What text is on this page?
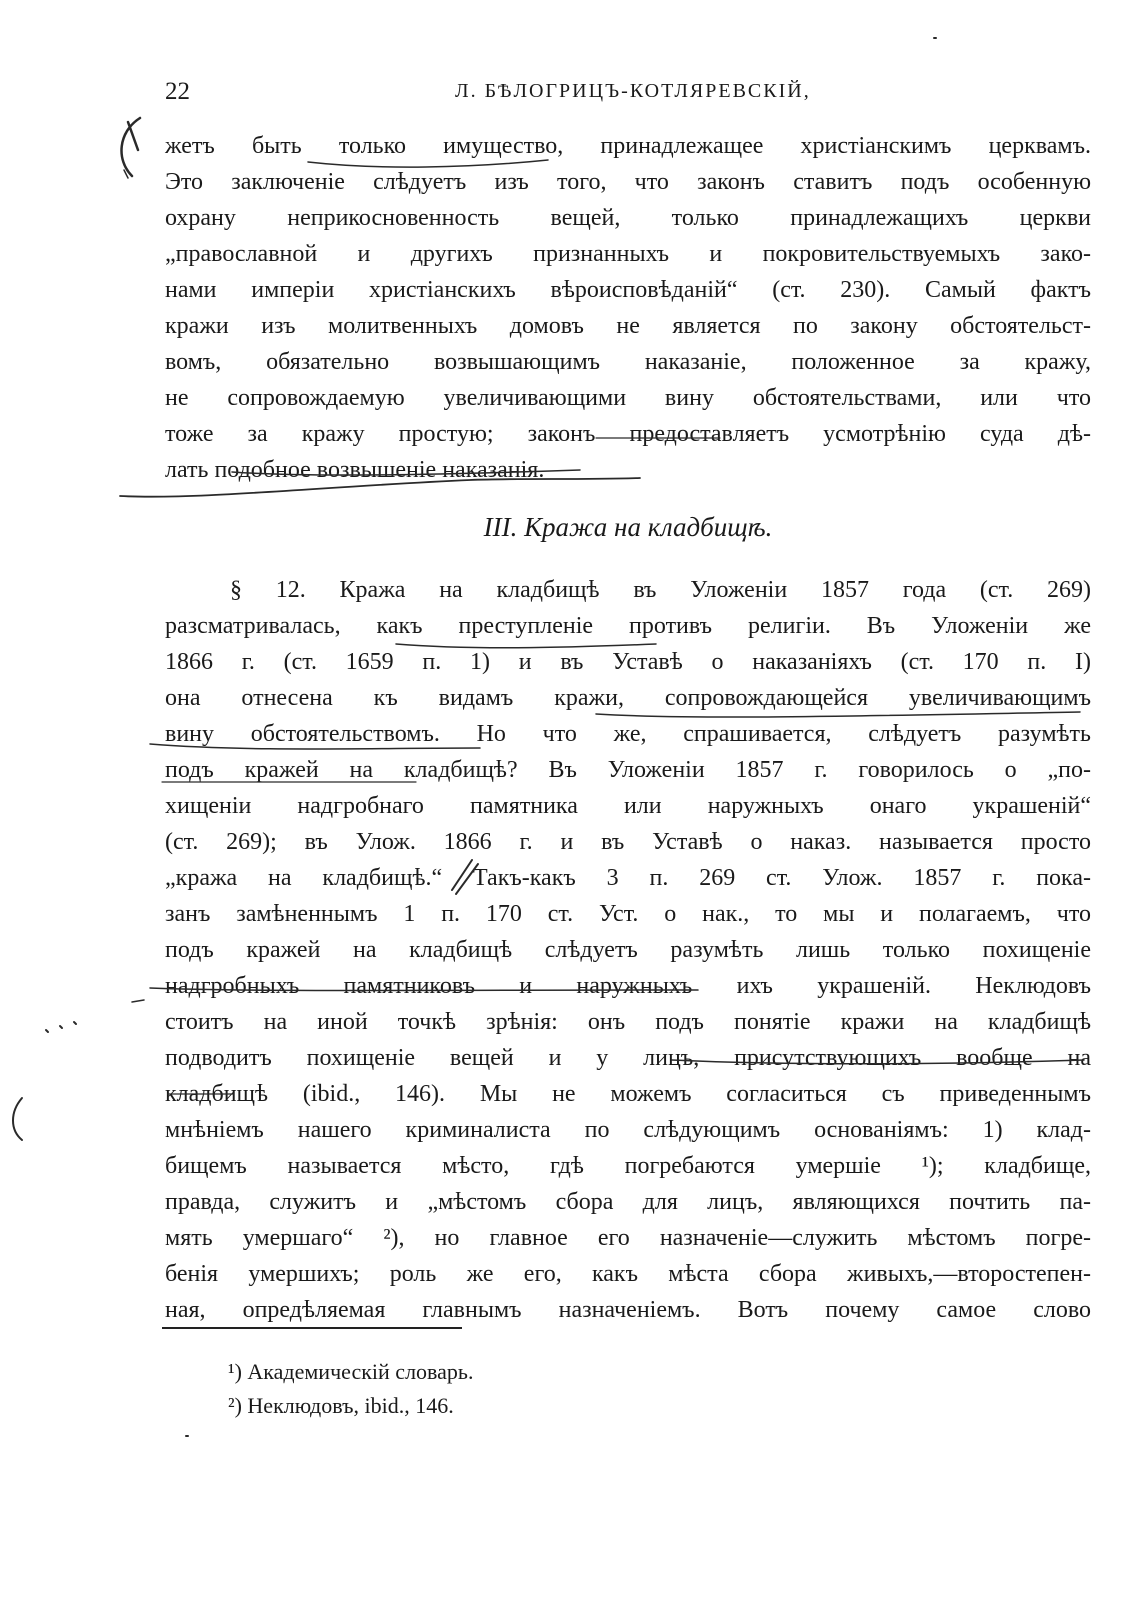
22	Л. БѢЛОГРИЦЪ-КОТЛЯРЕВСКІЙ,
жетъ быть только имущество, принадлежащее христіанскимъ церквамъ.
Это заключеніе слѣдуетъ изъ того, что законъ ставитъ подъ особенную
охрану неприкосновенность вещей, только принадлежащихъ церкви
„православной и другихъ признанныхъ и покровительствуемыхъ зако-
нами имперіи христіанскихъ вѣроисповѣданій“ (ст. 230). Самый фактъ
кражи изъ молитвенныхъ домовъ не является по закону обстоятельст-
вомъ, обязательно возвышающимъ наказаніе, положенное за кражу,
не сопровождаемую увеличивающими вину обстоятельствами, или что
тоже за кражу простую; законъ предоставляетъ усмотрѣнію суда дѣ-
лать подобное возвышеніе наказанія.
III. Кража на кладбищѣ.
§ 12. Кража на кладбищѣ въ Уложеніи 1857 года (ст. 269)
разсматривалась, какъ преступленіе противъ религіи. Въ Уложеніи же
1866 г. (ст. 1659 п. 1) и въ Уставѣ о наказаніяхъ (ст. 170 п. I)
она отнесена къ видамъ кражи, сопровождающейся увеличивающимъ
вину обстоятельствомъ. Но что же, спрашивается, слѣдуетъ разумѣть
подъ кражей на кладбищѣ? Въ Уложеніи 1857 г. говорилось о „по-
хищеніи надгробнаго памятника или наружныхъ онаго украшеній“
(ст. 269); въ Улож. 1866 г. и въ Уставѣ о наказ. называется просто
„кража на кладбищѣ.“ Такъ-какъ 3 п. 269 ст. Улож. 1857 г. пока-
занъ замѣненнымъ 1 п. 170 ст. Уст. о нак., то мы и полагаемъ, что
подъ кражей на кладбищѣ слѣдуетъ разумѣть лишь только похищеніе
надгробныхъ памятниковъ и наружныхъ ихъ украшеній. Неклюдовъ
стоитъ на иной точкѣ зрѣнія: онъ подъ понятіе кражи на кладбищѣ
подводитъ похищеніе вещей и у лицъ, присутствующихъ вообще на
кладбищѣ (ibid., 146). Мы не можемъ согласиться съ приведеннымъ
мнѣніемъ нашего криминалиста по слѣдующимъ основаніямъ: 1) клад-
бищемъ называется мѣсто, гдѣ погребаются умершіе ¹); кладбище,
правда, служитъ и „мѣстомъ сбора для лицъ, являющихся почтить па-
мять умершаго“ ²), но главное его назначеніе—служить мѣстомъ погре-
бенія умершихъ; роль же его, какъ мѣста сбора живыхъ,—второстепен-
ная, опредѣляемая главнымъ назначеніемъ. Вотъ почему самое слово
¹) Академическій словарь.
²) Неклюдовъ, ibid., 146.
